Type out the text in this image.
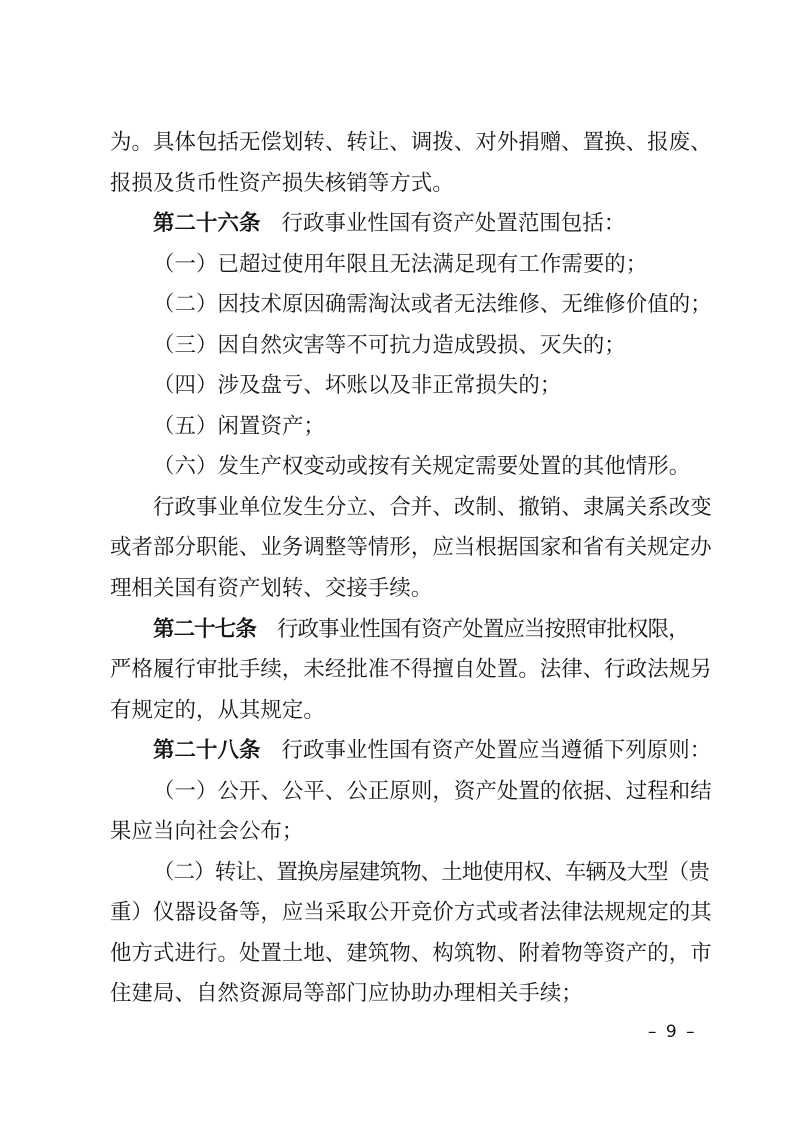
为。具体包括无偿划转、转让、调拨、对外捐赠、置换、报废、
报损及货币性资产损失核销等方式。
第二十六条 行政事业性国有资产处置范围包括：
（一）已超过使用年限且无法满足现有工作需要的；
（二）因技术原因确需淘汰或者无法维修、无维修价值的；
（三）因自然灾害等不可抗力造成毁损、灭失的；
（四）涉及盘亏、坏账以及非正常损失的；
（五）闲置资产；
（六）发生产权变动或按有关规定需要处置的其他情形。
行政事业单位发生分立、合并、改制、撤销、隶属关系改变
或者部分职能、业务调整等情形，应当根据国家和省有关规定办
理相关国有资产划转、交接手续。
第二十七条 行政事业性国有资产处置应当按照审批权限，
严格履行审批手续，未经批准不得擅自处置。法律、行政法规另
有规定的，从其规定。
第二十八条 行政事业性国有资产处置应当遵循下列原则：
（一）公开、公平、公正原则，资产处置的依据、过程和结
果应当向社会公布；
（二）转让、置换房屋建筑物、土地使用权、车辆及大型（贵
重）仪器设备等，应当采取公开竞价方式或者法律法规规定的其
他方式进行。处置土地、建筑物、构筑物、附着物等资产的，市
住建局、自然资源局等部门应协助办理相关手续；
– 9 –
